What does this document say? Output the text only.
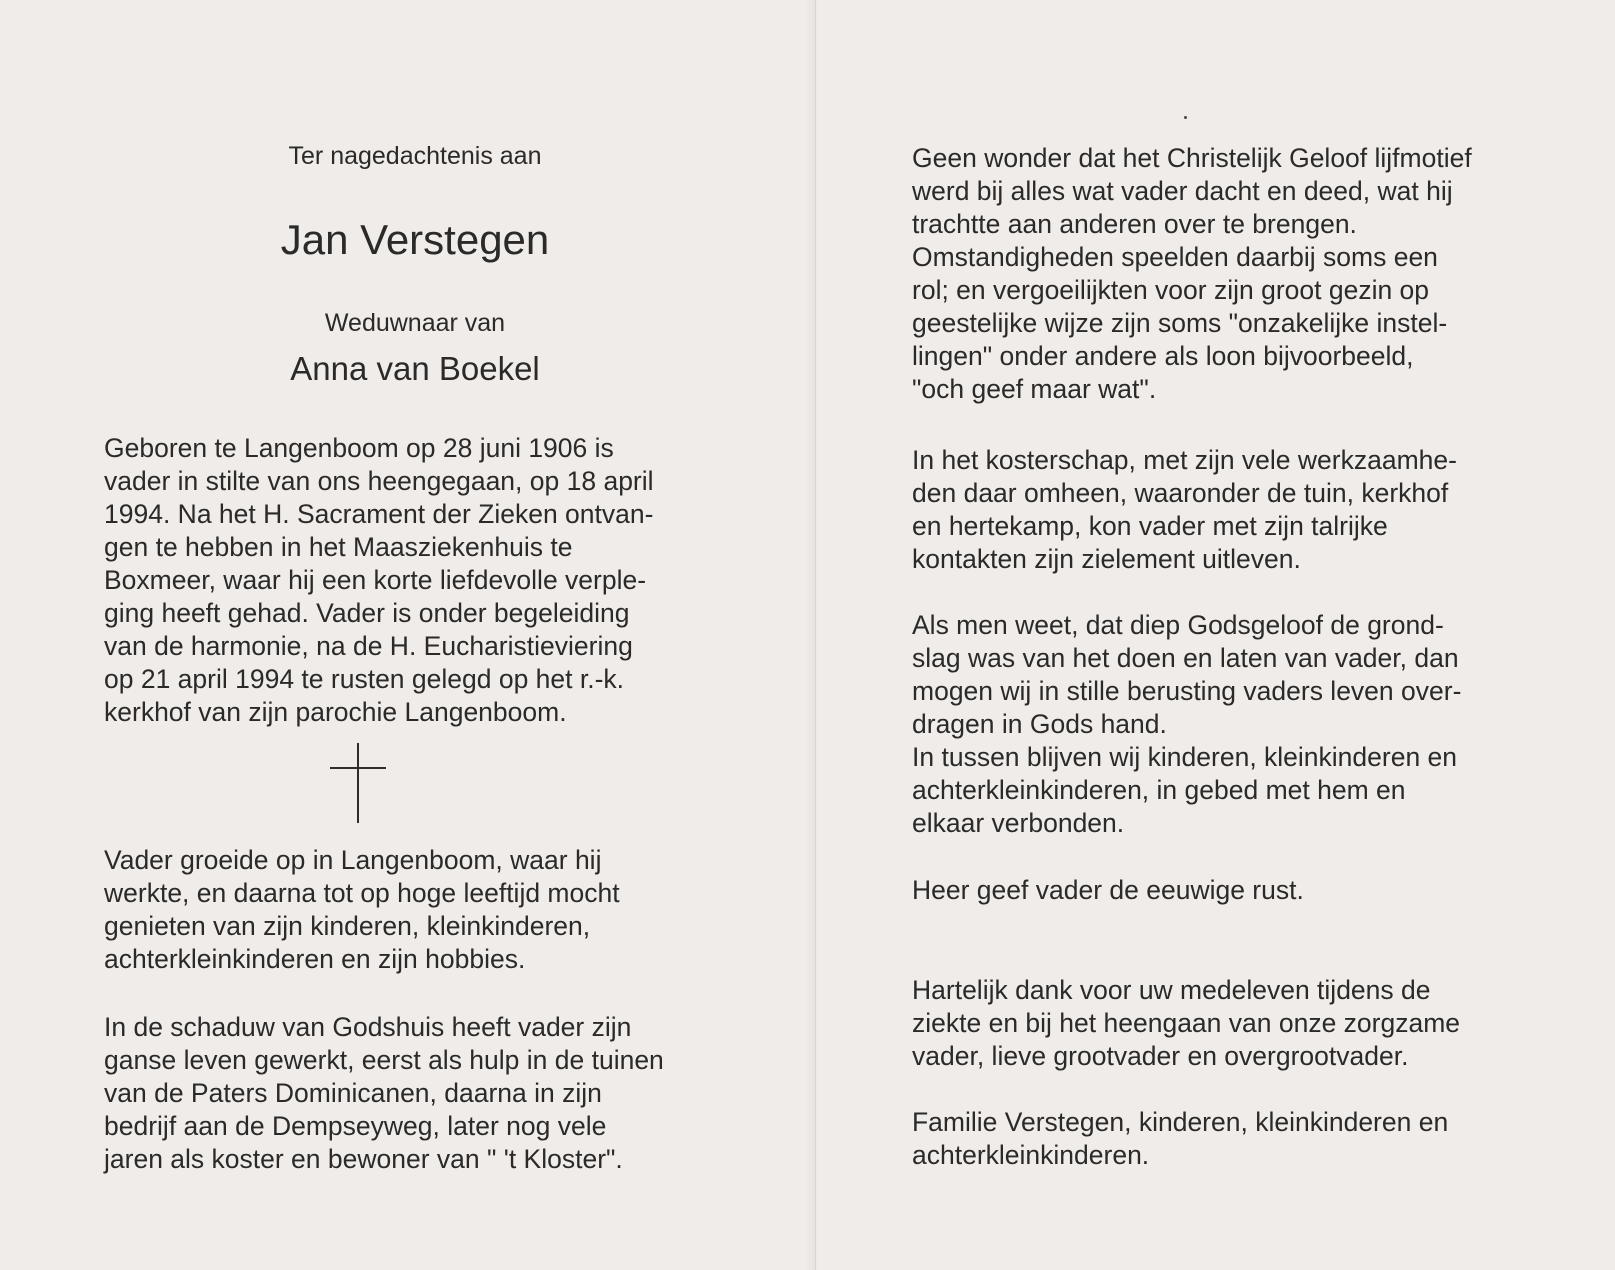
Ter nagedachtenis aan
Jan Verstegen
Weduwnaar van
Anna van Boekel

Geboren te Langenboom op 28 juni 1906 is
vader in stilte van ons heengegaan, op 18 april
1994. Na het H. Sacrament der Zieken ontvan-
gen te hebben in het Maasziekenhuis te
Boxmeer, waar hij een korte liefdevolle verple-
ging heeft gehad. Vader is onder begeleiding
van de harmonie, na de H. Eucharistieviering
op 21 april 1994 te rusten gelegd op het r.-k.
kerkhof van zijn parochie Langenboom.

Vader groeide op in Langenboom, waar hij
werkte, en daarna tot op hoge leeftijd mocht
genieten van zijn kinderen, kleinkinderen,
achterkleinkinderen en zijn hobbies.

In de schaduw van Godshuis heeft vader zijn
ganse leven gewerkt, eerst als hulp in de tuinen
van de Paters Dominicanen, daarna in zijn
bedrijf aan de Dempseyweg, later nog vele
jaren als koster en bewoner van " 't Kloster".

Geen wonder dat het Christelijk Geloof lijfmotief
werd bij alles wat vader dacht en deed, wat hij
trachtte aan anderen over te brengen.
Omstandigheden speelden daarbij soms een
rol; en vergoeilijkten voor zijn groot gezin op
geestelijke wijze zijn soms "onzakelijke instel-
lingen" onder andere als loon bijvoorbeeld,
"och geef maar wat".

In het kosterschap, met zijn vele werkzaamhe-
den daar omheen, waaronder de tuin, kerkhof
en hertekamp, kon vader met zijn talrijke
kontakten zijn zielement uitleven.

Als men weet, dat diep Godsgeloof de grond-
slag was van het doen en laten van vader, dan
mogen wij in stille berusting vaders leven over-
dragen in Gods hand.
In tussen blijven wij kinderen, kleinkinderen en
achterkleinkinderen, in gebed met hem en
elkaar verbonden.

Heer geef vader de eeuwige rust.

Hartelijk dank voor uw medeleven tijdens de
ziekte en bij het heengaan van onze zorgzame
vader, lieve grootvader en overgrootvader.

Familie Verstegen, kinderen, kleinkinderen en
achterkleinkinderen.
